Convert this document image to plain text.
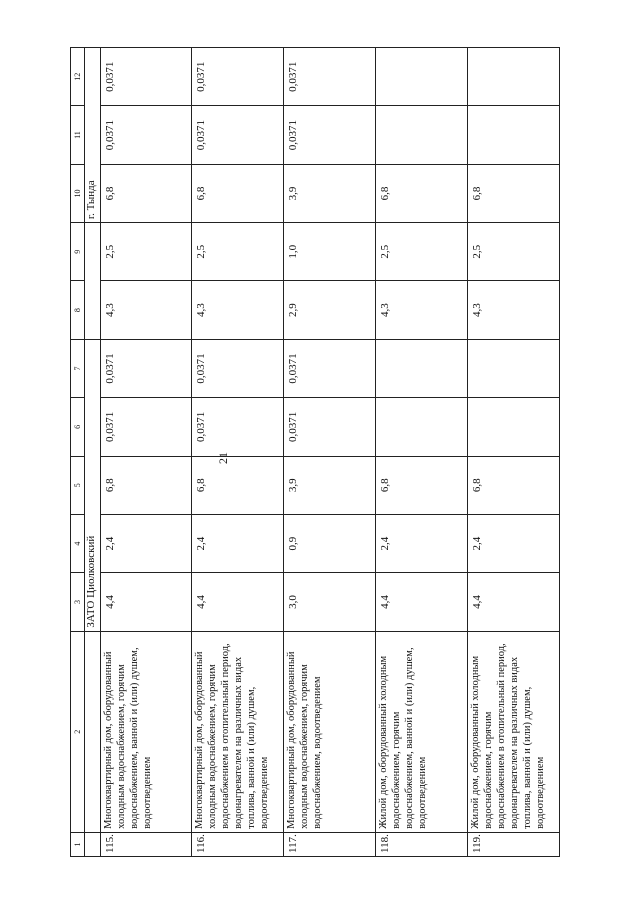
21
1	2	3	4	5	6	7	8	9	10	11	12
		ЗАТО Циолковский							г. Тында		
115.	Многоквартирный дом, оборудованный холодным водоснабжением, горячим водоснабжением, ванной и (или) душем, водоотведением	4,4	2,4	6,8	0,0371	0,0371	4,3	2,5	6,8	0,0371	0,0371
116.	Многоквартирный дом, оборудованный холодным водоснабжением, горячим водоснабжением в отопительный период, водонагревателем на различных видах топлива, ванной и (или) душем, водоотведением	4,4	2,4	6,8	0,0371	0,0371	4,3	2,5	6,8	0,0371	0,0371
117.	Многоквартирный дом, оборудованный холодным водоснабжением, горячим водоснабжением, водоотведением	3,0	0,9	3,9	0,0371	0,0371	2,9	1,0	3,9	0,0371	0,0371
118.	Жилой дом, оборудованный холодным водоснабжением, горячим водоснабжением, ванной и (или) душем, водоотведением	4,4	2,4	6,8			4,3	2,5	6,8		
119.	Жилой дом, оборудованный холодным водоснабжением, горячим водоснабжением в отопительный период, водонагревателем на различных видах топлива, ванной и (или) душем, водоотведением	4,4	2,4	6,8			4,3	2,5	6,8		
